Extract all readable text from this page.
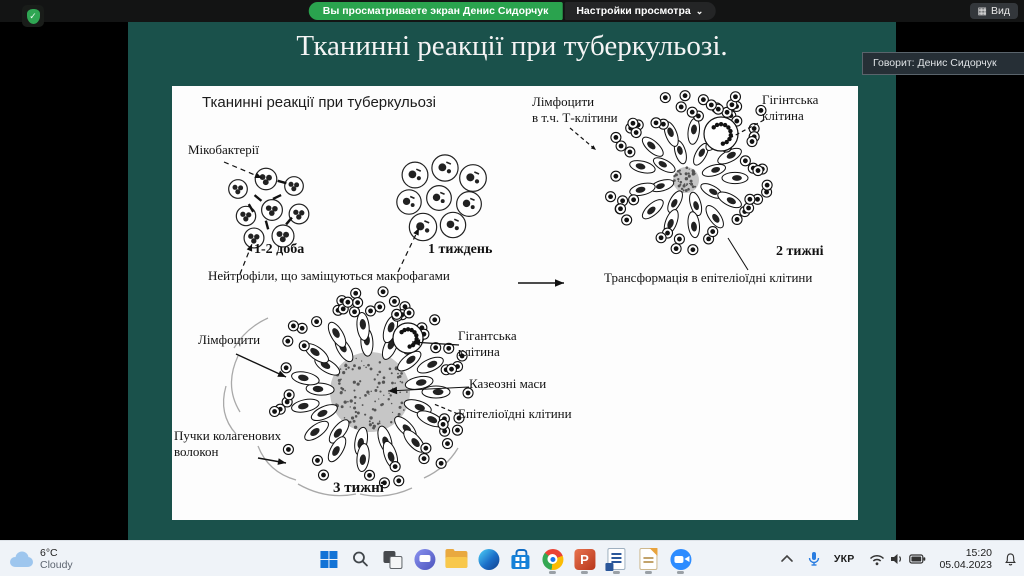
Вы просматриваете экран Денис Сидорчук	Настройки просмотра ⌄	▦ Вид
✓
Тканинні реакції при туберкульозі.
Говорит: Денис Сидорчук
Тканинні реакції при туберкульозі
Мікобактерії
1-2 доба	1 тиждень
Нейтрофіли, що заміщуються макрофагами
Лімфоцити
в т.ч. Т-клітини
Гігінтська
клітина
2 тижні
Трансформація в епітеліоїдні клітини
Лімфоцити	Гігантська
клітина
Казеозні маси
Епітеліоїдні клітини
Пучки колагенових
волокон
3 тижні
6°C
Cloudy	P	УКР
15:20
05.04.2023
